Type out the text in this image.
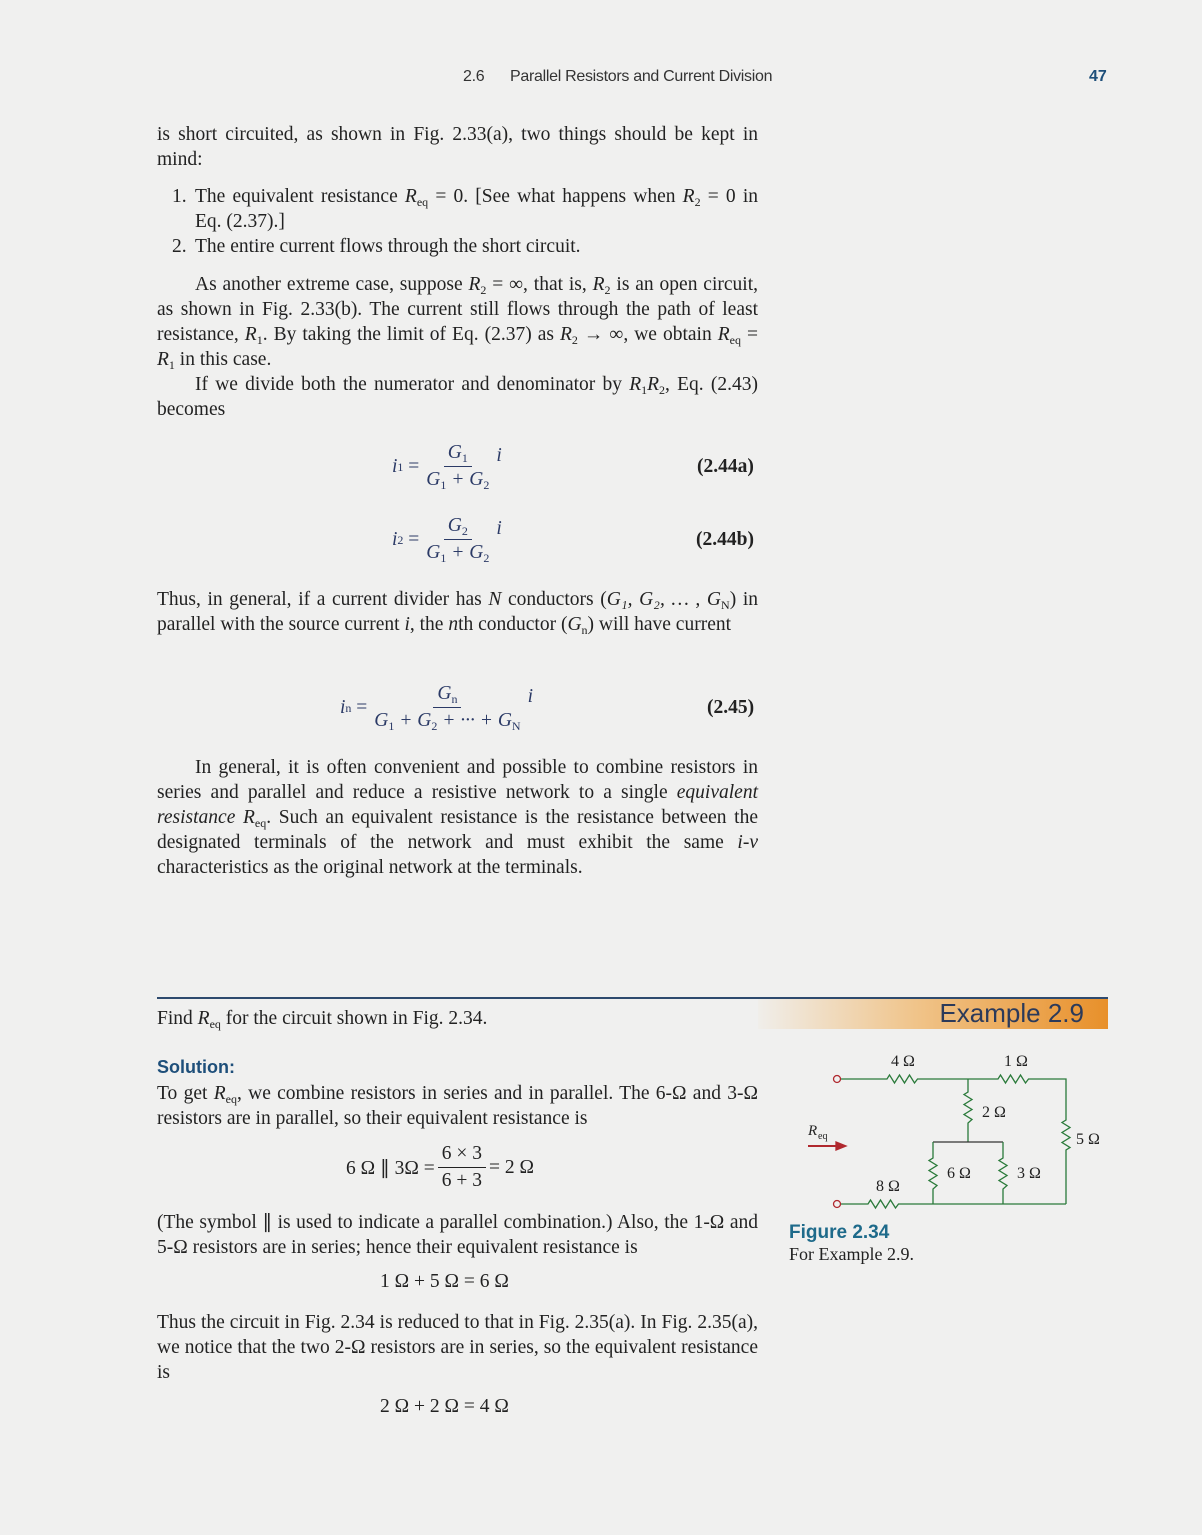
2.6 Parallel Resistors and Current Division	47
is short circuited, as shown in Fig. 2.33(a), two things should be kept in mind:
1. The equivalent resistance $R_{eq} = 0$. [See what happens when $R_2 = 0$ in Eq. (2.37).]
2. The entire current flows through the short circuit.
As another extreme case, suppose $R_2$ = ∞, that is, $R_2$ is an open circuit, as shown in Fig. 2.33(b). The current still flows through the path of least resistance, $R_1$. By taking the limit of Eq. (2.37) as $R_2$ → ∞, we obtain $R_{eq} = R_1$ in this case.
If we divide both the numerator and denominator by $R_1R_2$, Eq. (2.43) becomes
i $1 = \frac{G_1}{G_1 + G_2}$ i
(2.44a)
i $2 = \frac{G_2}{G_1 + G_2}$ i
(2.44b)
Thus, in general, if a current divider has N conductors (G₁, G₂, … , $G_N$) in parallel with the source current i, the nth conductor $(G_n)$ will have current
i $n = \frac{G_n}{G_1 + G_2 + \cdot\cdot\cdot + G_N}$ i
(2.45)
In general, it is often convenient and possible to combine resistors in series and parallel and reduce a resistive network to a single equivalent resistance $R_{eq}$. Such an equivalent resistance is the resistance between the designated terminals of the network and must exhibit the same i-v characteristics as the original network at the terminals.
Example 2.9
Find $R_{eq}$ for the circuit shown in Fig. 2.34.
Solution:
To get $R_{eq}$, we combine resistors in series and in parallel. The 6-Ω and 3-Ω resistors are in parallel, so their equivalent resistance is
6 Ω ∥ $3\Omega = \frac{6 \times 3}{6 + 3} = 2$ Ω
(The symbol ∥ is used to indicate a parallel combination.) Also, the 1-Ω and 5-Ω resistors are in series; hence their equivalent resistance is
1 Ω + 5 Ω = 6 Ω
Thus the circuit in Fig. 2.34 is reduced to that in Fig. 2.35(a). In Fig. 2.35(a), we notice that the two 2-Ω resistors are in series, so the equivalent resistance is
2 Ω + 2 Ω = 4 Ω
4 Ω	1 Ω
2 Ω
5 Ω
6 Ω	3 Ω
8 Ω
R eq
Figure 2.34
For Example 2.9.
